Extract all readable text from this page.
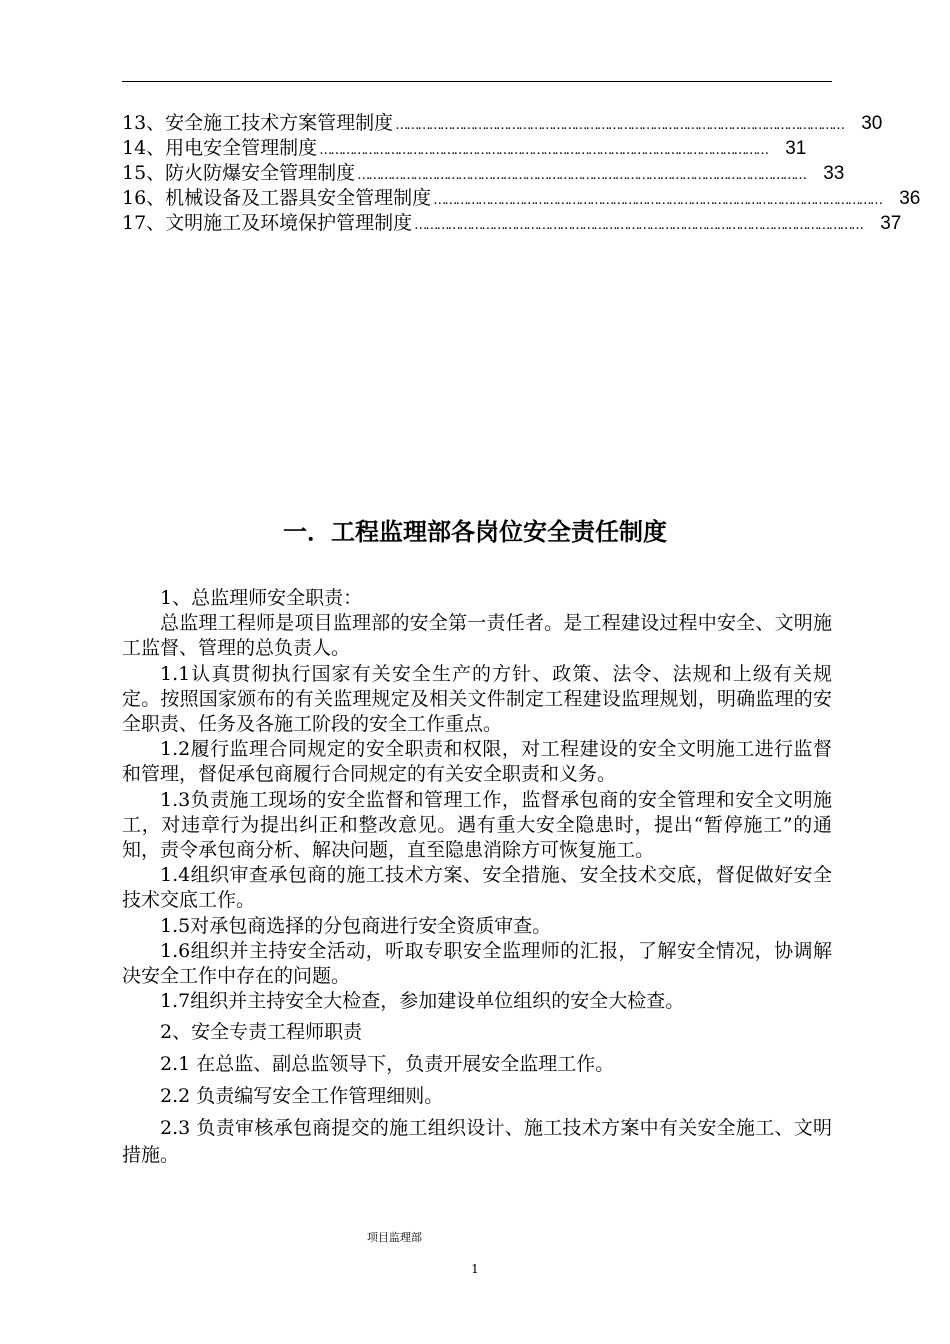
13、安全施工技术方案管理制度 ………………………………………………………………………………………………………… 30
14、用电安全管理制度 ………………………………………………………………………………………………………… 31
15、防火防爆安全管理制度 ………………………………………………………………………………………………………… 33
16、机械设备及工器具安全管理制度 ………………………………………………………………………………………………………… 36
17、文明施工及环境保护管理制度 ………………………………………………………………………………………………………… 37
一．工程监理部各岗位安全责任制度

1、总监理师安全职责：

总监理工程师是项目监理部的安全第一责任者。是工程建设过程中安全、文明施工监督、管理的总负责人。

1.1认真贯彻执行国家有关安全生产的方针、政策、法令、法规和上级有关规定。按照国家颁布的有关监理规定及相关文件制定工程建设监理规划，明确监理的安全职责、任务及各施工阶段的安全工作重点。

1.2履行监理合同规定的安全职责和权限，对工程建设的安全文明施工进行监督和管理，督促承包商履行合同规定的有关安全职责和义务。

1.3负责施工现场的安全监督和管理工作，监督承包商的安全管理和安全文明施工，对违章行为提出纠正和整改意见。遇有重大安全隐患时，提出“暂停施工”的通知，责令承包商分析、解决问题，直至隐患消除方可恢复施工。

1.4组织审查承包商的施工技术方案、安全措施、安全技术交底，督促做好安全技术交底工作。

1.5对承包商选择的分包商进行安全资质审查。

1.6组织并主持安全活动，听取专职安全监理师的汇报，了解安全情况，协调解决安全工作中存在的问题。

1.7组织并主持安全大检查，参加建设单位组织的安全大检查。

2、安全专责工程师职责

2.1 在总监、副总监领导下，负责开展安全监理工作。

2.2 负责编写安全工作管理细则。

2.3 负责审核承包商提交的施工组织设计、施工技术方案中有关安全施工、文明措施。

项目监理部
1
